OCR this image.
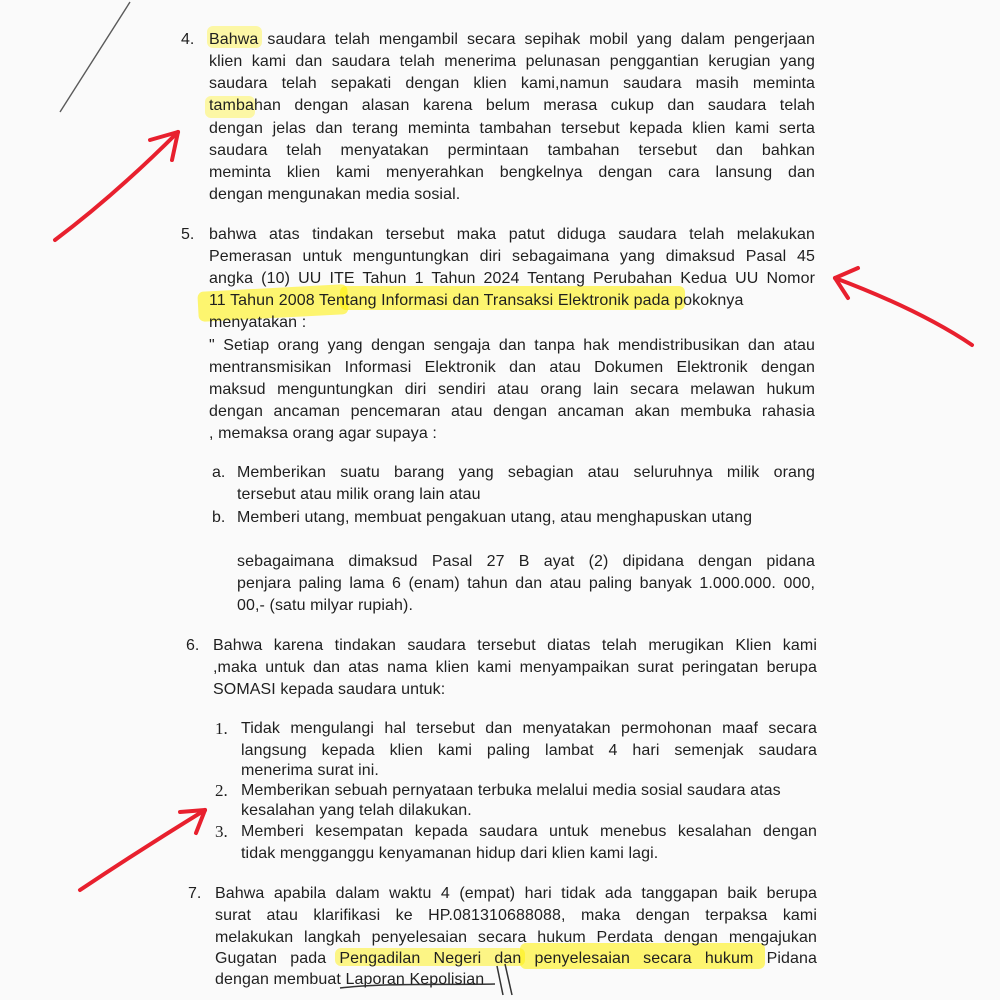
4. Bahwa saudara telah mengambil secara sepihak mobil yang dalam pengerjaan
klien kami dan saudara telah menerima pelunasan penggantian kerugian yang
saudara telah sepakati dengan klien kami,namun saudara masih meminta
tambahan dengan alasan karena belum merasa cukup dan saudara telah
dengan jelas dan terang meminta tambahan tersebut kepada klien kami serta
saudara telah menyatakan permintaan tambahan tersebut dan bahkan
meminta klien kami menyerahkan bengkelnya dengan cara lansung dan
dengan mengunakan media sosial.
5. bahwa atas tindakan tersebut maka patut diduga saudara telah melakukan
Pemerasan untuk menguntungkan diri sebagaimana yang dimaksud Pasal 45
angka (10) UU ITE Tahun 1 Tahun 2024 Tentang Perubahan Kedua UU Nomor
11 Tahun 2008 Tentang Informasi dan Transaksi Elektronik pada pokoknya
menyatakan :
" Setiap orang yang dengan sengaja dan tanpa hak mendistribusikan dan atau
mentransmisikan Informasi Elektronik dan atau Dokumen Elektronik dengan
maksud menguntungkan diri sendiri atau orang lain secara melawan hukum
dengan ancaman pencemaran atau dengan ancaman akan membuka rahasia
, memaksa orang agar supaya :
a. Memberikan suatu barang yang sebagian atau seluruhnya milik orang
tersebut atau milik orang lain atau
b. Memberi utang, membuat pengakuan utang, atau menghapuskan utang
sebagaimana dimaksud Pasal 27 B ayat (2) dipidana dengan pidana
penjara paling lama 6 (enam) tahun dan atau paling banyak 1.000.000. 000,
00,- (satu milyar rupiah).
6. Bahwa karena tindakan saudara tersebut diatas telah merugikan Klien kami
,maka untuk dan atas nama klien kami menyampaikan surat peringatan berupa
SOMASI kepada saudara untuk:
1. Tidak mengulangi hal tersebut dan menyatakan permohonan maaf secara
langsung kepada klien kami paling lambat 4 hari semenjak saudara
menerima surat ini.
2. Memberikan sebuah pernyataan terbuka melalui media sosial saudara atas
kesalahan yang telah dilakukan.
3. Memberi kesempatan kepada saudara untuk menebus kesalahan dengan
tidak mengganggu kenyamanan hidup dari klien kami lagi.
7. Bahwa apabila dalam waktu 4 (empat) hari tidak ada tanggapan baik berupa
surat atau klarifikasi ke HP.081310688088, maka dengan terpaksa kami
melakukan langkah penyelesaian secara hukum Perdata dengan mengajukan
Gugatan pada Pengadilan Negeri dan penyelesaian secara hukum Pidana
dengan membuat Laporan Kepolisian
